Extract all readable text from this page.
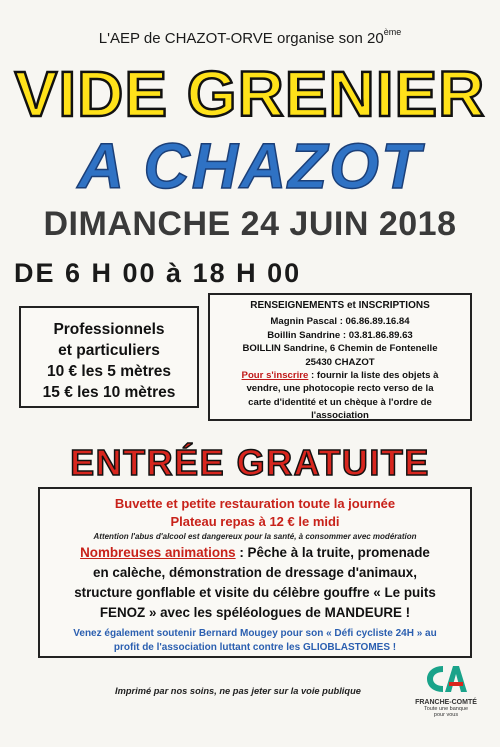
L'AEP de CHAZOT-ORVE organise son 20ème
VIDE GRENIER
A CHAZOT
DIMANCHE 24 JUIN 2018
DE 6 H 00 à 18 H 00
Professionnels
et particuliers
10 € les 5 mètres
15 € les 10 mètres
RENSEIGNEMENTS et INSCRIPTIONS
Magnin Pascal : 06.86.89.16.84
Boillin Sandrine : 03.81.86.89.63
BOILLIN Sandrine, 6 Chemin de Fontenelle
25430 CHAZOT
Pour s'inscrire : fournir la liste des objets à
vendre, une photocopie recto verso de la
carte d'identité et un chèque à l'ordre de
l'association
ENTRÉE GRATUITE
Buvette et petite restauration toute la journée
Plateau repas à 12 € le midi
Attention l'abus d'alcool est dangereux pour la santé, à consommer avec modération
Nombreuses animations : Pêche à la truite, promenade
en calèche, démonstration de dressage d'animaux,
structure gonflable et visite du célèbre gouffre « Le puits
FENOZ » avec les spéléologues de MANDEURE !
Venez également soutenir Bernard Mougey pour son « Défi cycliste 24H » au
profit de l'association luttant contre les GLIOBLASTOMES !
Imprimé par nos soins, ne pas jeter sur la voie publique
FRANCHE-COMTÉ
Toute une banque
pour vous
